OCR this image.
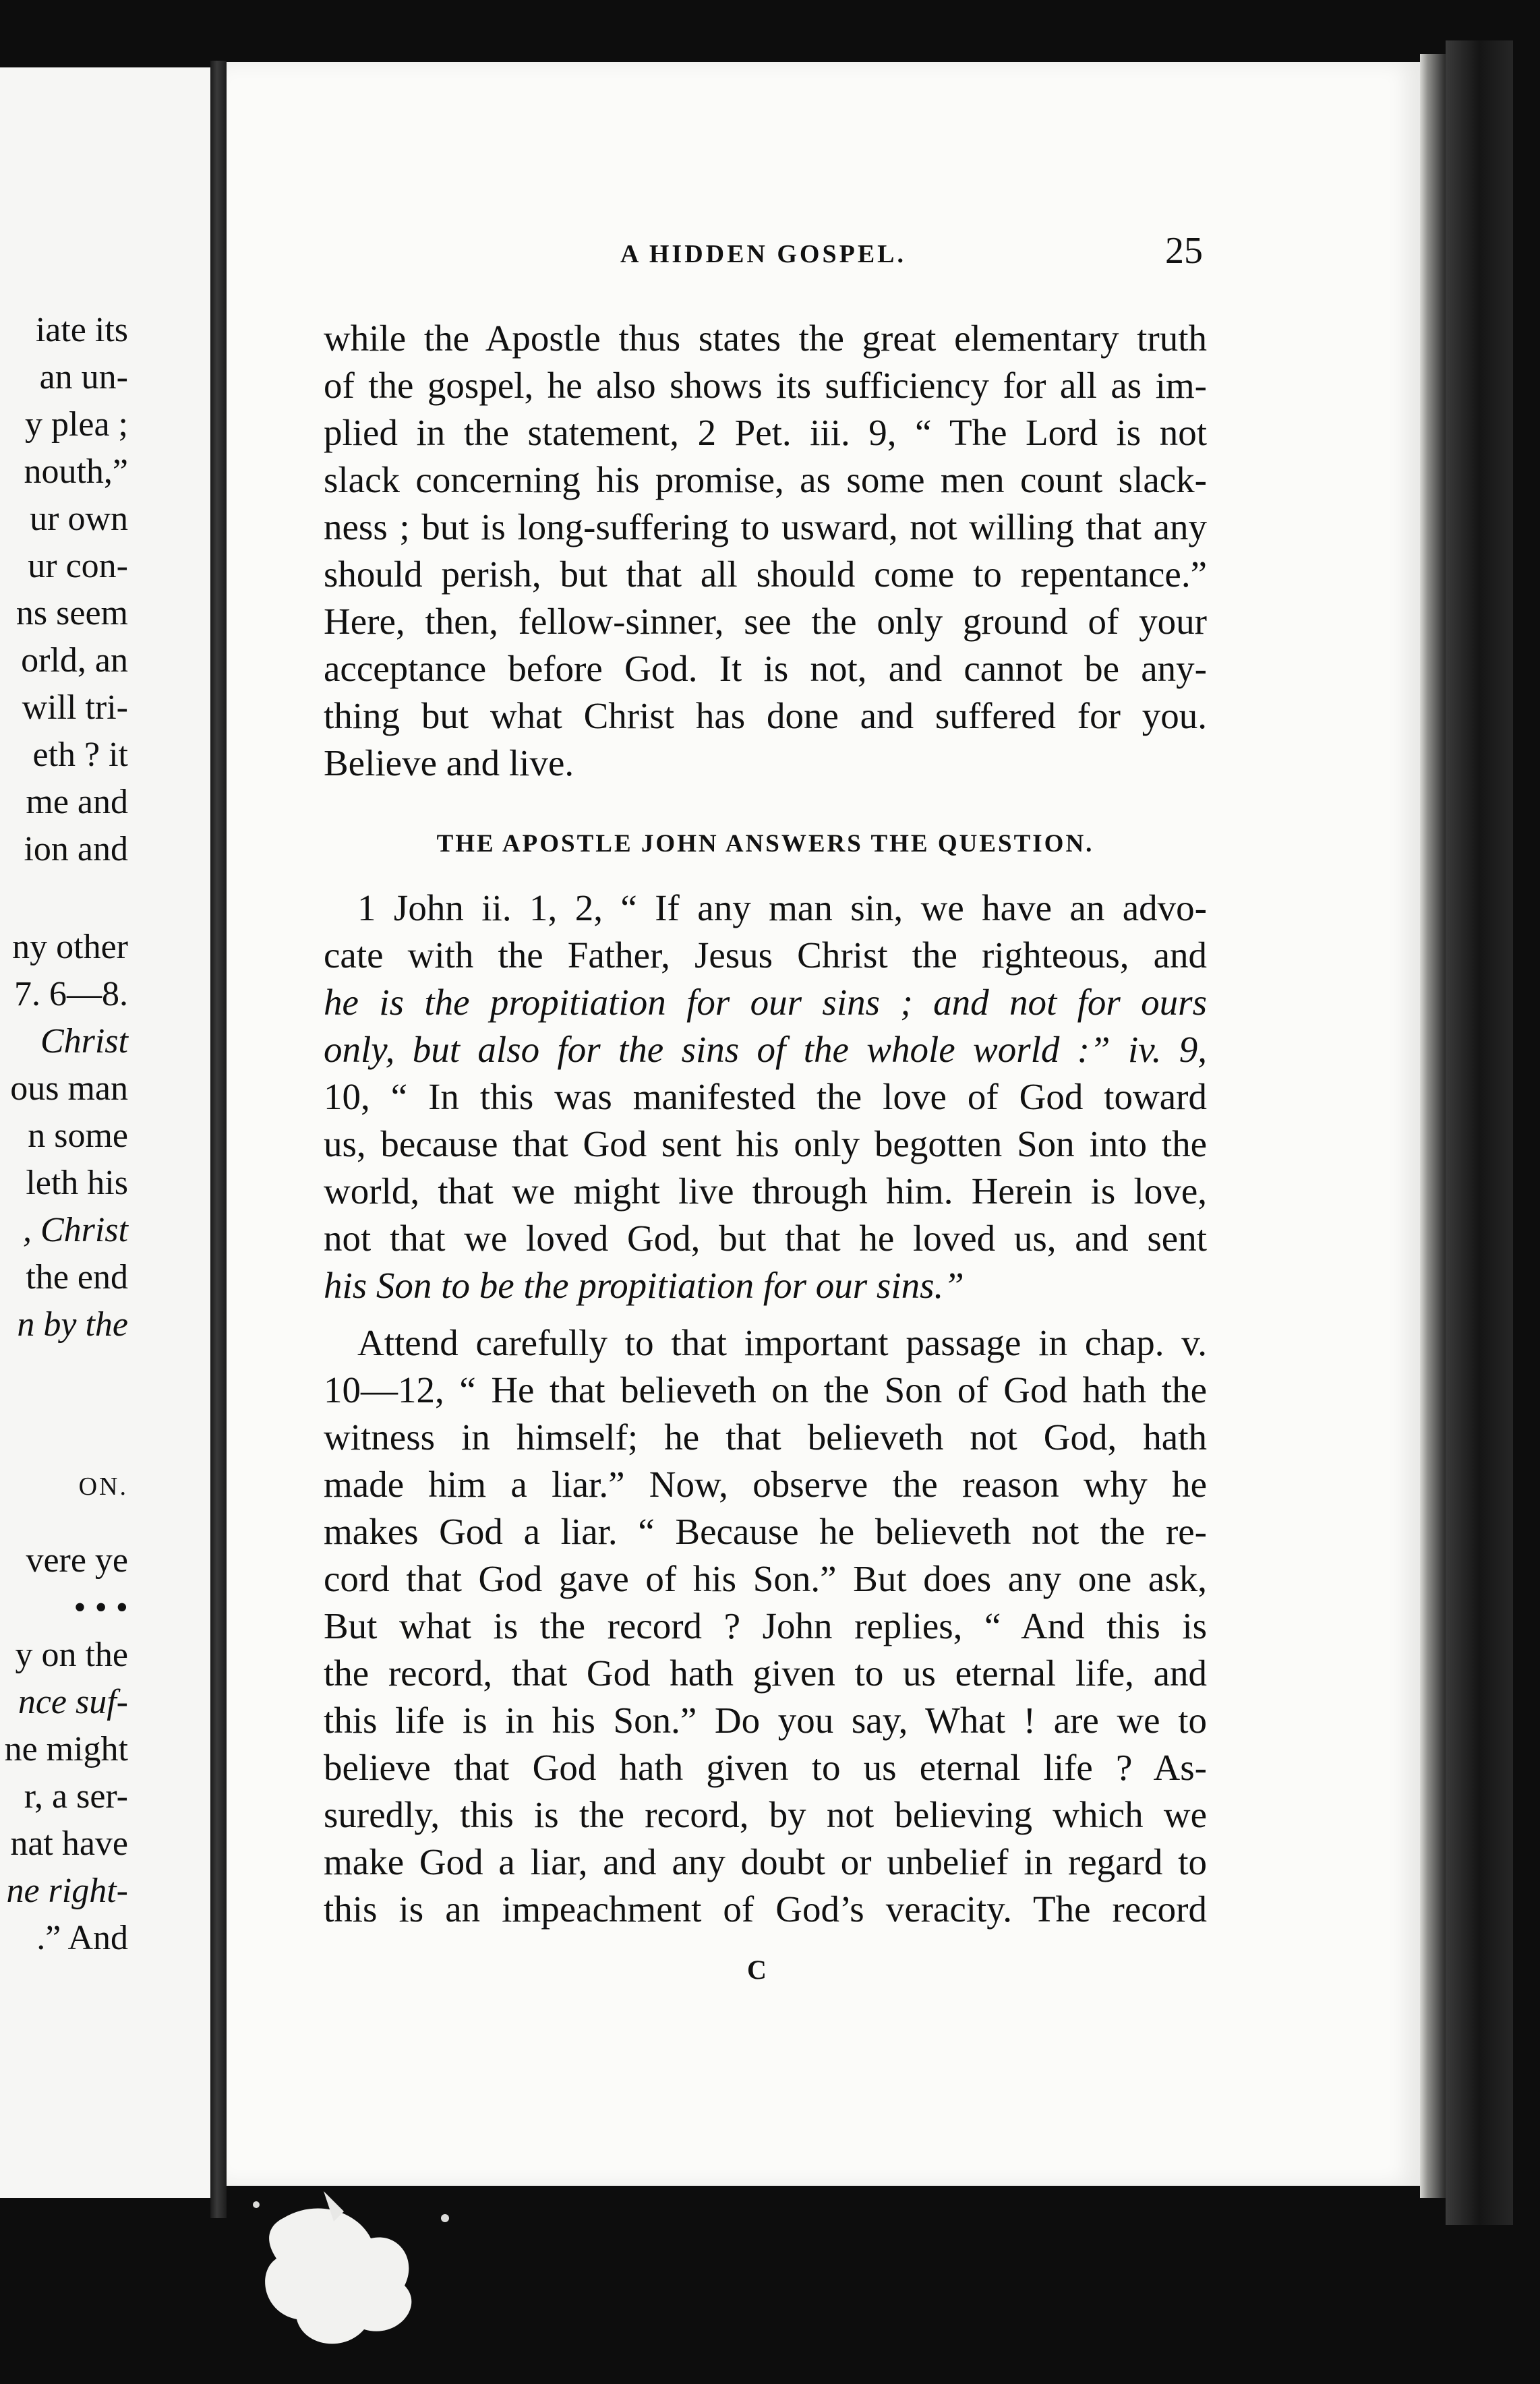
iate its
an un-
y plea ;
nouth,”
ur own
ur con-
ns seem
orld, an
will tri-
eth ? it
me and
ion and
ny other
7. 6—8.
Christ
ous man
n some
leth his
, Christ
the end
n by the
ON.
vere ye
• • •
y on the
nce suf-
ne might
r, a ser-
nat have
ne right-
.” And
A HIDDEN GOSPEL.	25
while the Apostle thus states the great elementary truth
of the gospel, he also shows its sufficiency for all as im-
plied in the statement, 2 Pet. iii. 9, “ The Lord is not
slack concerning his promise, as some men count slack-
ness ; but is long-suffering to usward, not willing that any
should perish, but that all should come to repentance.”
Here, then, fellow-sinner, see the only ground of your
acceptance before God. It is not, and cannot be any-
thing but what Christ has done and suffered for you.
Believe and live.
THE APOSTLE JOHN ANSWERS THE QUESTION.
1 John ii. 1, 2, “ If any man sin, we have an advo-
cate with the Father, Jesus Christ the righteous, and
he is the propitiation for our sins ; and not for ours
only, but also for the sins of the whole world :” iv. 9,
10, “ In this was manifested the love of God toward
us, because that God sent his only begotten Son into the
world, that we might live through him. Herein is love,
not that we loved God, but that he loved us, and sent
his Son to be the propitiation for our sins.”
Attend carefully to that important passage in chap. v.
10—12, “ He that believeth on the Son of God hath the
witness in himself; he that believeth not God, hath
made him a liar.” Now, observe the reason why he
makes God a liar. “ Because he believeth not the re-
cord that God gave of his Son.” But does any one ask,
But what is the record ? John replies, “ And this is
the record, that God hath given to us eternal life, and
this life is in his Son.” Do you say, What ! are we to
believe that God hath given to us eternal life ? As-
suredly, this is the record, by not believing which we
make God a liar, and any doubt or unbelief in regard to
this is an impeachment of God’s veracity. The record
C
